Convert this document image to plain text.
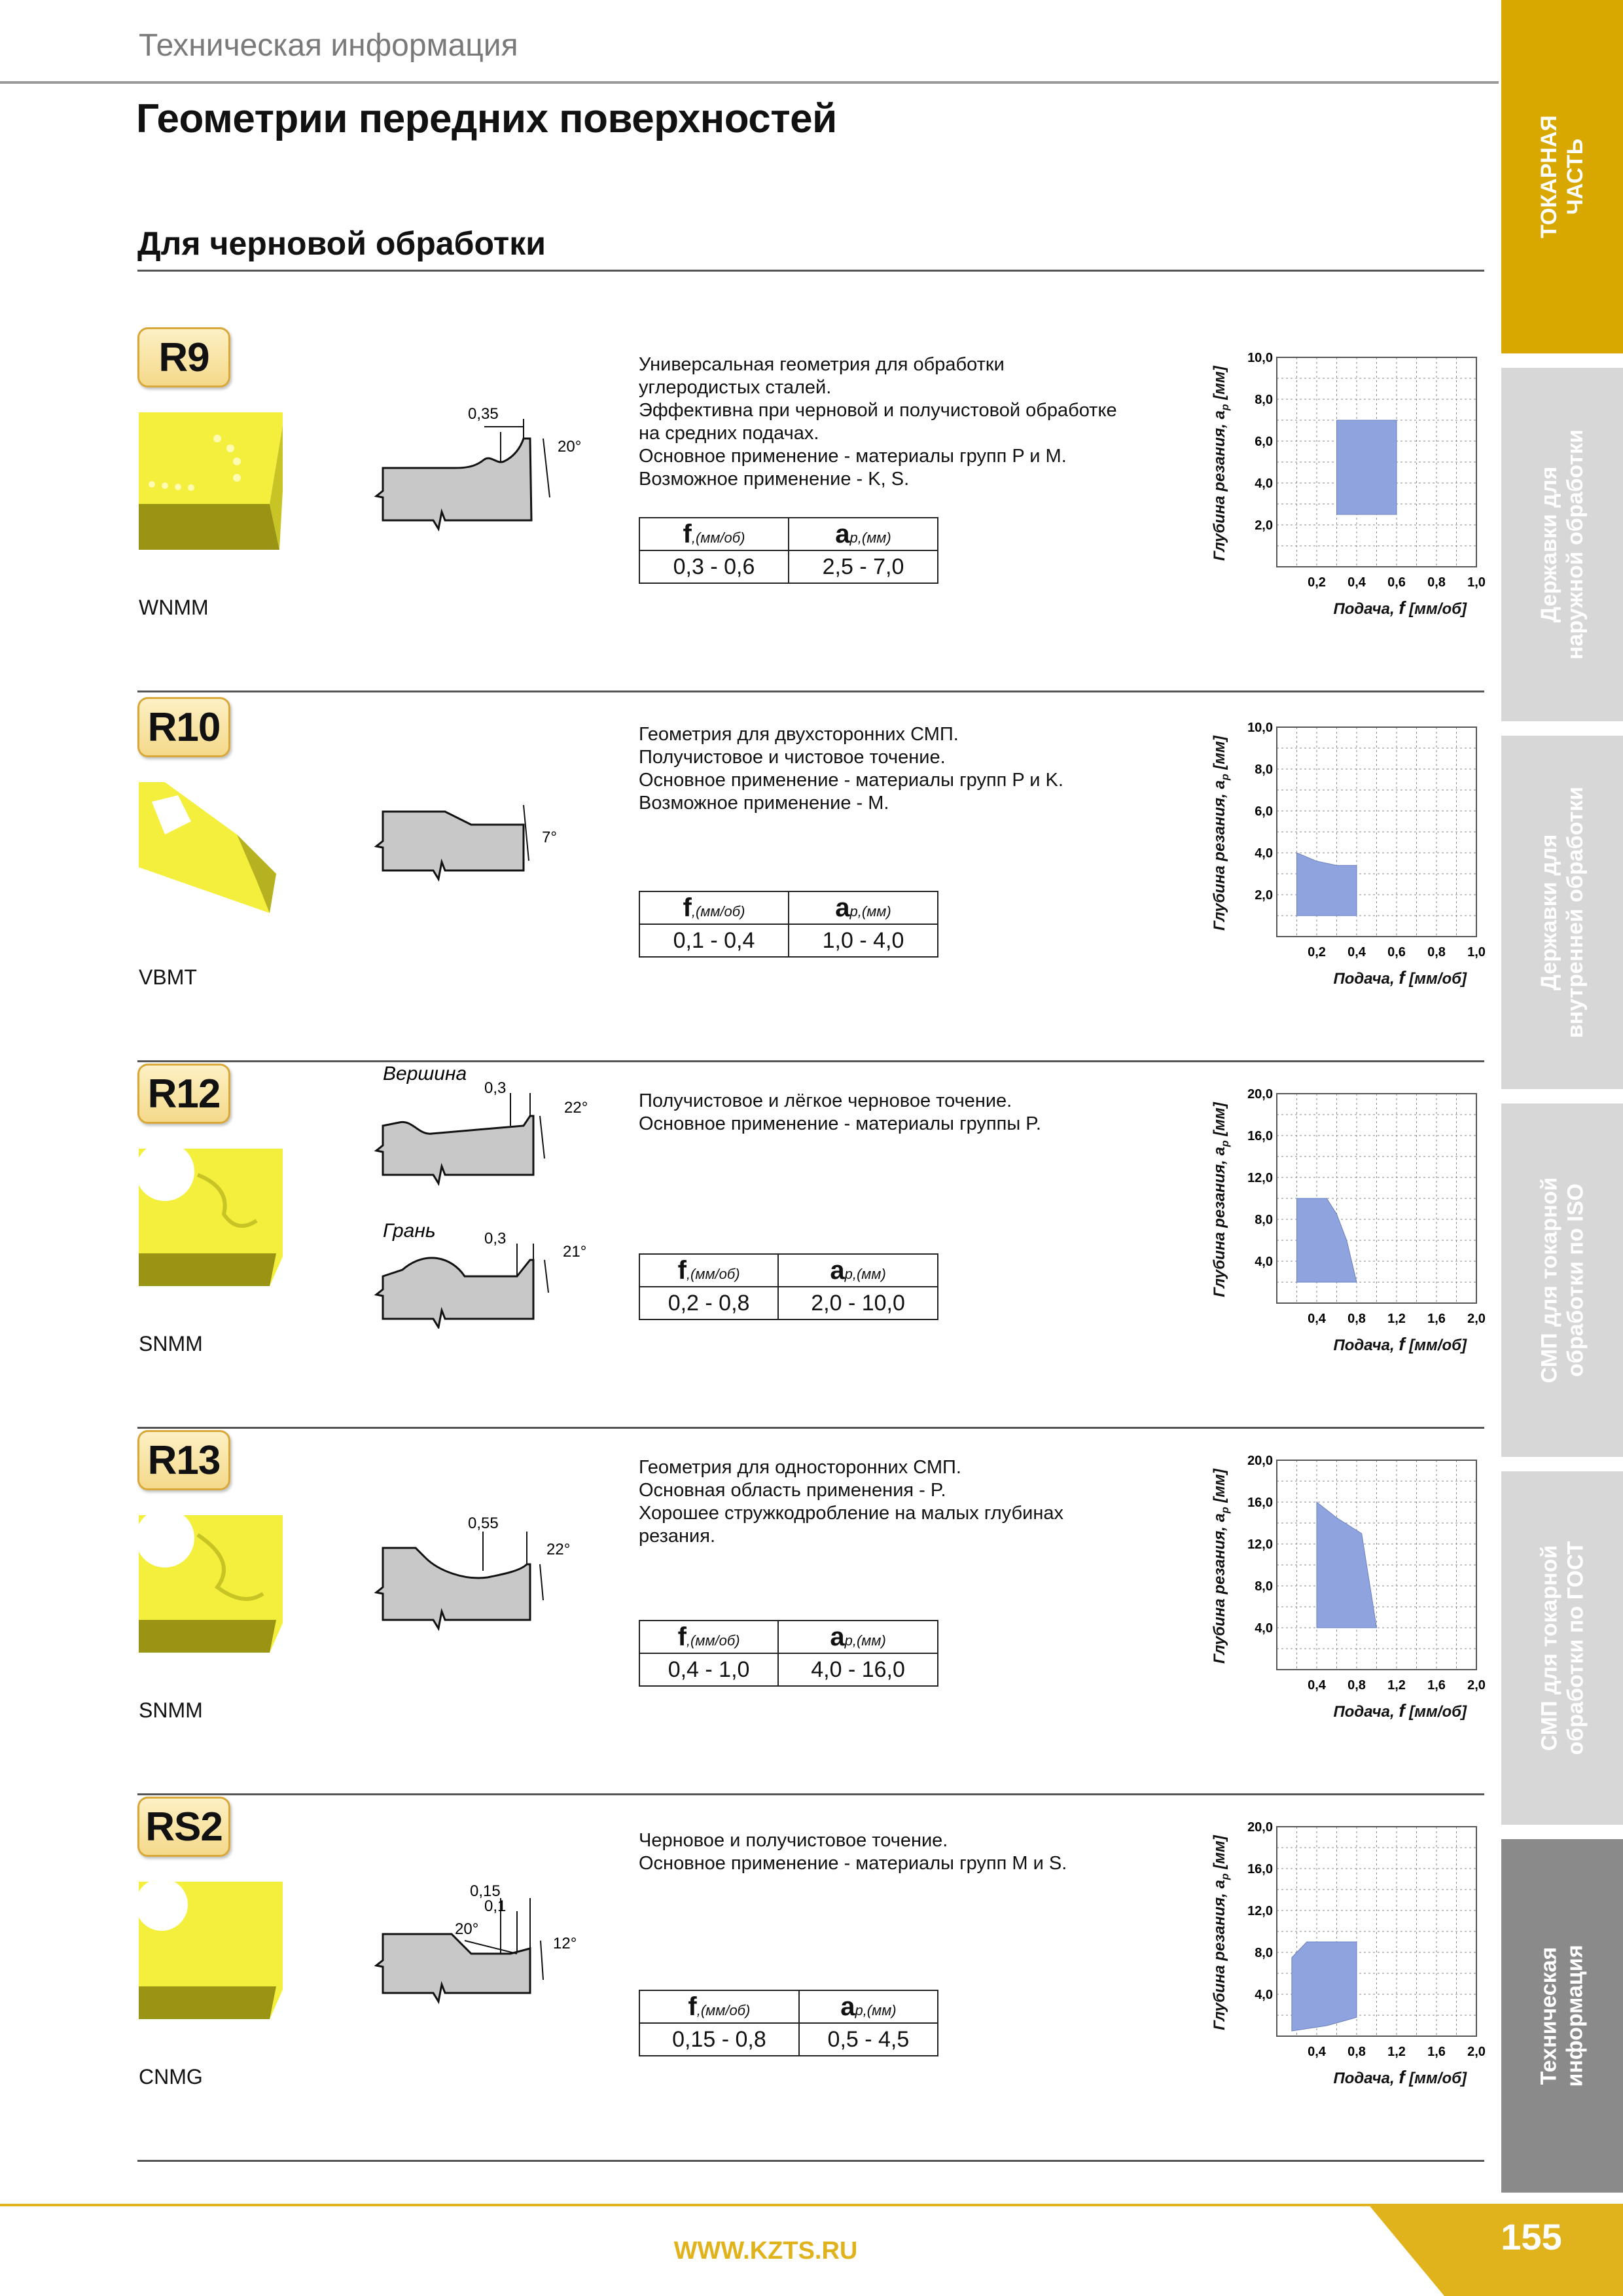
Техническая информация
Геометрии передних поверхностей
Для черновой обработки
ТОКАРНАЯ
ЧАСТЬ
Державки для
наружной обработки
Державки для
внутренней обработки
СМП для токарной
обработки по ISO
СМП для токарной
обработки по ГОСТ
Техническая
информация
R9
WNMM
0,35
20°
Универсальная геометрия для обработки
углеродистых сталей.
Эффективна при черновой и получистовой обработке
на средних подачах.
Основное применение - материалы групп P и M.
Возможное применение - K, S.
f,(мм/об)	ap,(мм)
0,3 - 0,6	2,5 - 7,0
0,2 0,4 0,6 0,8 1,0
2,0
4,0
6,0
8,0
10,0
Глубина резания, $a_p$ [мм]
Подача, f [мм/об]
R10
VBMT
7°
Геометрия для двухсторонних СМП.
Получистовое и чистовое точение.
Основное применение - материалы групп P и K.
Возможное применение - M.
f,(мм/об)	ap,(мм)
0,1 - 0,4	1,0 - 4,0	0,2 0,4 0,6 0,8 1,0
2,0
4,0
6,0
8,0
10,0
Глубина резания, $a_p$ [мм]
Подача, f [мм/об]
R12
SNMM
Вершина
0,3
22°
Грань	0,3
21°
Получистовое и лёгкое черновое точение.
Основное применение - материалы группы P.
f,(мм/об)	ap,(мм)
0,2 - 0,8	2,0 - 10,0
0,4 0,8 1,2 1,6 2,0
4,0
8,0
12,0
16,0
20,0
Глубина резания, $a_p$ [мм]
Подача, f [мм/об]
R13
SNMM
0,55
22°
Геометрия для односторонних СМП.
Основная область применения - P.
Хорошее стружкодробление на малых глубинах
резания.
f,(мм/об)	ap,(мм)
0,4 - 1,0	4,0 - 16,0
0,4 0,8 1,2 1,6 2,0
4,0
8,0
12,0
16,0
20,0
Глубина резания, $a_p$ [мм]
Подача, f [мм/об]
RS2
CNMG
0,15
0,1
20°
12°
Черновое и получистовое точение.
Основное применение - материалы групп M и S.
f,(мм/об)	ap,(мм)
0,15 - 0,8	0,5 - 4,5
0,4 0,8 1,2 1,6 2,0
4,0
8,0
12,0
16,0
20,0
Глубина резания, $a_p$ [мм]
Подача, f [мм/об]
WWW.KZTS.RU	155
